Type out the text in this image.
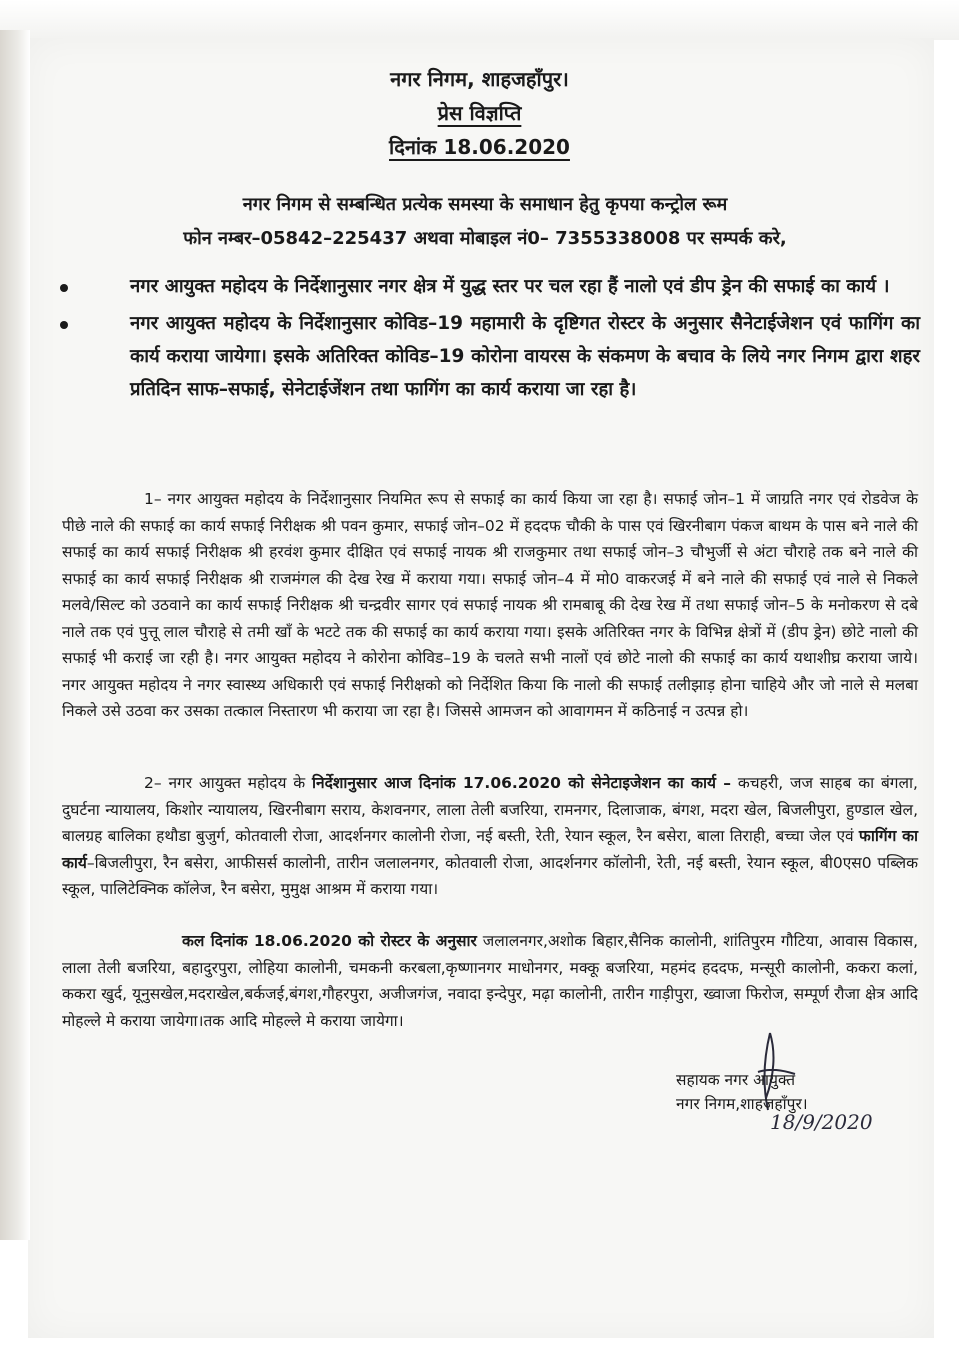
नगर निगम, शाहजहाँपुर।
प्रेस विज्ञप्ति
दिनांक 18.06.2020
नगर निगम से सम्बन्धित प्रत्येक समस्या के समाधान हेतु कृपया कन्ट्रोल रूम
फोन नम्बर–05842–225437 अथवा मोबाइल नं0– 7355338008 पर सम्पर्क करे,
नगर आयुक्त महोदय के निर्देशानुसार नगर क्षेत्र में युद्ध स्तर पर चल रहा हैं नालो एवं डीप ड्रेन की सफाई का कार्य ।
नगर आयुक्त महोदय के निर्देशानुसार कोविड–19 महामारी के दृष्टिगत रोस्टर के अनुसार सैनेटाईजेशन एवं फागिंग का कार्य कराया जायेगा। इसके अतिरिक्त कोविड–19 कोरोना वायरस के संकमण के बचाव के लिये नगर निगम द्वारा शहर प्रतिदिन साफ–सफाई, सेनेटाईजेंशन तथा फागिंग का कार्य कराया जा रहा है।
1– नगर आयुक्त महोदय के निर्देशानुसार नियमित रूप से सफाई का कार्य किया जा रहा है। सफाई जोन–1 में जाग्रति नगर एवं रोडवेज के पीछे नाले की सफाई का कार्य सफाई निरीक्षक श्री पवन कुमार, सफाई जोन–02 में हददफ चौकी के पास एवं खिरनीबाग पंकज बाथम के पास बने नाले की सफाई का कार्य सफाई निरीक्षक श्री हरवंश कुमार दीक्षित एवं सफाई नायक श्री राजकुमार तथा सफाई जोन–3 चौभुर्जी से अंटा चौराहे तक बने नाले की सफाई का कार्य सफाई निरीक्षक श्री राजमंगल की देख रेख में कराया गया। सफाई जोन–4 में मो0 वाकरजई में बने नाले की सफाई एवं नाले से निकले मलवे/सिल्ट को उठवाने का कार्य सफाई निरीक्षक श्री चन्द्रवीर सागर एवं सफाई नायक श्री रामबाबू की देख रेख में तथा सफाई जोन–5 के मनोकरण से दबे नाले तक एवं पुत्तू लाल चौराहे से तमी खाँ के भटटे तक की सफाई का कार्य कराया गया। इसके अतिरिक्त नगर के विभिन्न क्षेत्रों में (डीप ड्रेन) छोटे नालो की सफाई भी कराई जा रही है। नगर आयुक्त महोदय ने कोरोना कोविड–19 के चलते सभी नालों एवं छोटे नालो की सफाई का कार्य यथाशीघ्र कराया जाये। नगर आयुक्त महोदय ने नगर स्वास्थ्य अधिकारी एवं सफाई निरीक्षको को निर्देशित किया कि नालो की सफाई तलीझाड़ होना चाहिये और जो नाले से मलबा निकले उसे उठवा कर उसका तत्काल निस्तारण भी कराया जा रहा है। जिससे आमजन को आवागमन में कठिनाई न उत्पन्न हो।
2– नगर आयुक्त महोदय के निर्देशानुसार आज दिनांक 17.06.2020 को सेनेटाइजेशन का कार्य – कचहरी, जज साहब का बंगला, दुघर्टना न्यायालय, किशोर न्यायालय, खिरनीबाग सराय, केशवनगर, लाला तेली बजरिया, रामनगर, दिलाजाक, बंगश, मदरा खेल, बिजलीपुरा, हुण्डाल खेल, बालग्रह बालिका हथौडा बुजुर्ग, कोतवाली रोजा, आदर्शनगर कालोनी रोजा, नई बस्ती, रेती, रेयान स्कूल, रैन बसेरा, बाला तिराही, बच्चा जेल एवं फागिंग का कार्य–बिजलीपुरा, रैन बसेरा, आफीसर्स कालोनी, तारीन जलालनगर, कोतवाली रोजा, आदर्शनगर कॉलोनी, रेती, नई बस्ती, रेयान स्कूल, बी0एस0 पब्लिक स्कूल, पालिटेक्निक कॉलेज, रैन बसेरा, मुमुक्ष आश्रम में कराया गया।
कल दिनांक 18.06.2020 को रोस्टर के अनुसार जलालनगर,अशोक बिहार,सैनिक कालोनी, शांतिपुरम गौटिया, आवास विकास, लाला तेली बजरिया, बहादुरपुरा, लोहिया कालोनी, चमकनी करबला,कृष्णानगर माधोनगर, मक्कू बजरिया, महमंद हददफ, मन्सूरी कालोनी, ककरा कलां, ककरा खुर्द, यूनुसखेल,मदराखेल,बर्कजई,बंगश,गौहरपुरा, अजीजगंज, नवादा इन्देपुर, मढ़ा कालोनी, तारीन गाड़ीपुरा, ख्वाजा फिरोज, सम्पूर्ण रौजा क्षेत्र आदि मोहल्ले मे कराया जायेगा।तक आदि मोहल्ले मे कराया जायेगा।
सहायक नगर आयुक्त
नगर निगम,शाहजहाँपुर।
18/9/2020
